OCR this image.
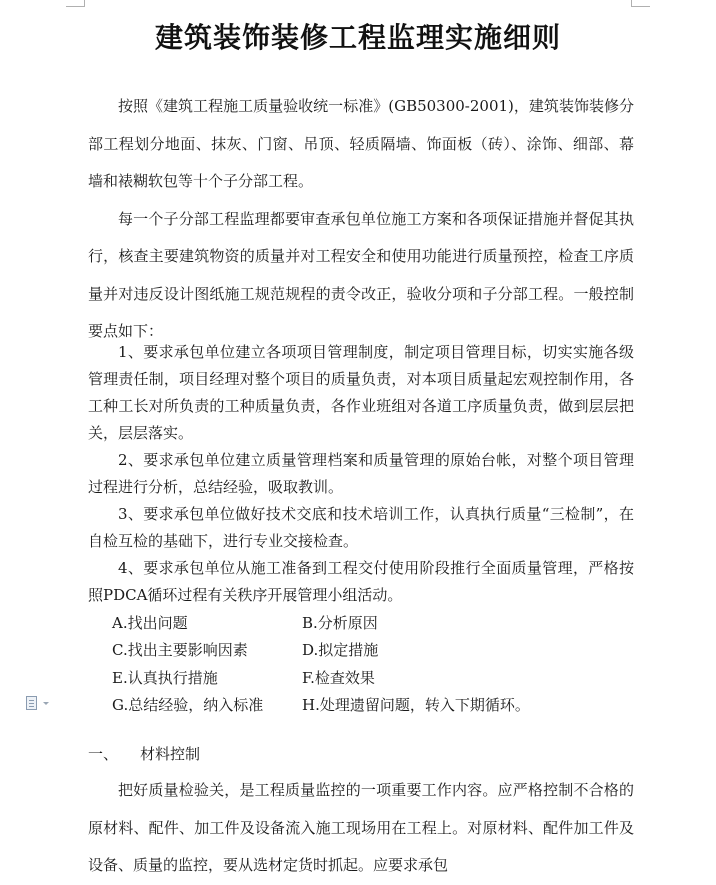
建筑装饰装修工程监理实施细则

按照《建筑工程施工质量验收统一标准》(GB50300-2001)，建筑装饰装修分部工程划分地面、抹灰、门窗、吊顶、轻质隔墙、饰面板（砖）、涂饰、细部、幕墙和裱糊软包等十个子分部工程。

每一个子分部工程监理都要审查承包单位施工方案和各项保证措施并督促其执行，核查主要建筑物资的质量并对工程安全和使用功能进行质量预控，检查工序质量并对违反设计图纸施工规范规程的责令改正，验收分项和子分部工程。一般控制要点如下：

1、要求承包单位建立各项项目管理制度，制定项目管理目标，切实实施各级管理责任制，项目经理对整个项目的质量负责，对本项目质量起宏观控制作用，各工种工长对所负责的工种质量负责，各作业班组对各道工序质量负责，做到层层把关，层层落实。

2、要求承包单位建立质量管理档案和质量管理的原始台帐，对整个项目管理过程进行分析，总结经验，吸取教训。

3、要求承包单位做好技术交底和技术培训工作，认真执行质量“三检制”，在自检互检的基础下，进行专业交接检查。

4、要求承包单位从施工准备到工程交付使用阶段推行全面质量管理，严格按照PDCA循环过程有关秩序开展管理小组活动。

A.找出问题	B.分析原因
C.找出主要影响因素	D.拟定措施
E.认真执行措施	F.检查效果
G.总结经验，纳入标准	H.处理遗留问题，转入下期循环。
一、 材料控制

把好质量检验关，是工程质量监控的一项重要工作内容。应严格控制不合格的原材料、配件、加工件及设备流入施工现场用在工程上。对原材料、配件加工件及设备、质量的监控，要从选材定货时抓起。应要求承包
